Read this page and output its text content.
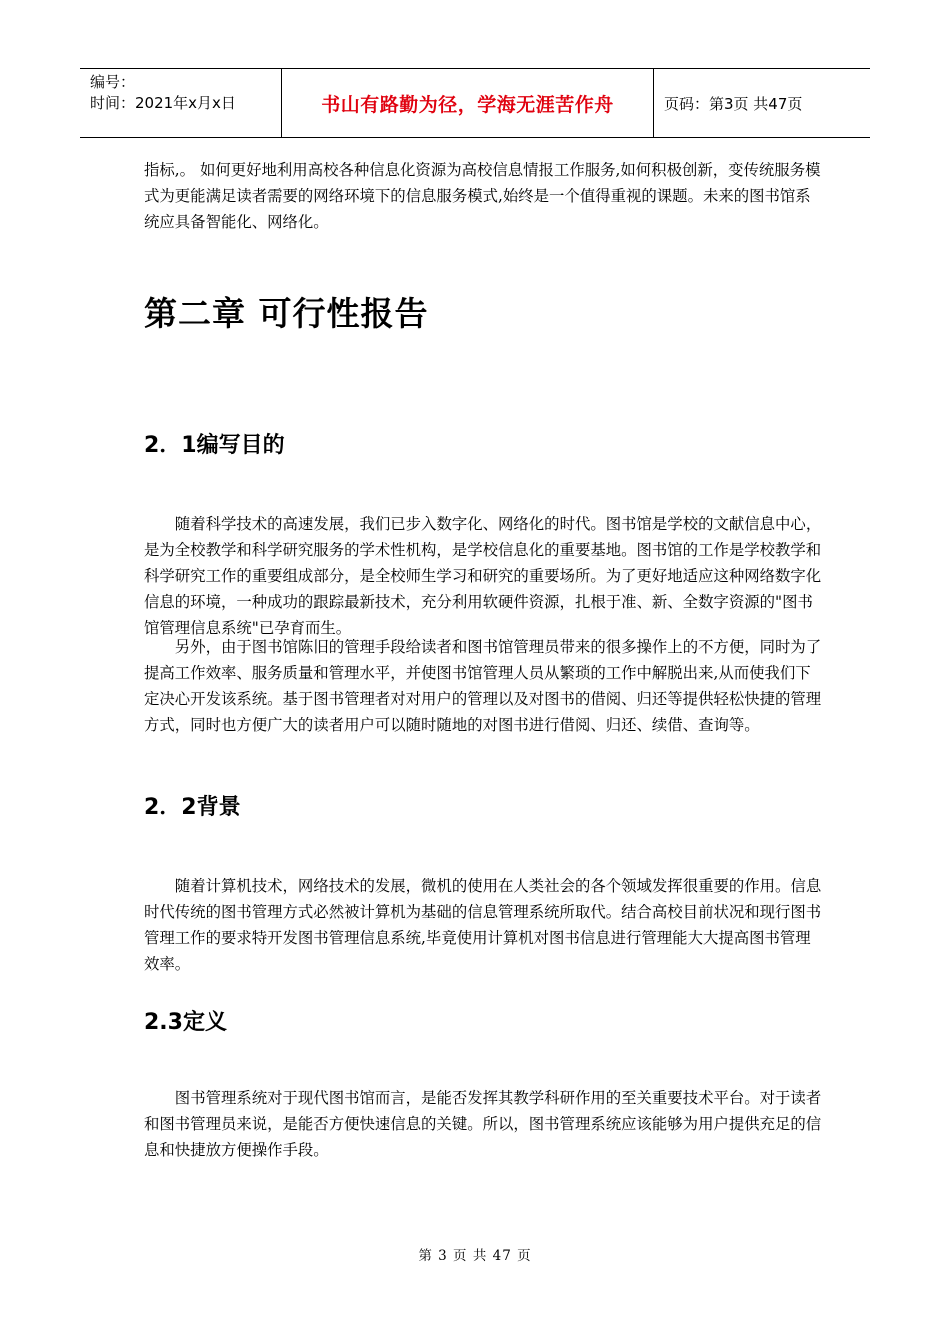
编号：
时间：2021年x月x日	书山有路勤为径，学海无涯苦作舟	页码：第3页 共47页

指标,。 如何更好地利用高校各种信息化资源为高校信息情报工作服务,如何积极创新，变传统服务模式为更能满足读者需要的网络环境下的信息服务模式,始终是一个值得重视的课题。未来的图书馆系统应具备智能化、网络化。

第二章 可行性报告
2．1编写目的

随着科学技术的高速发展，我们已步入数字化、网络化的时代。图书馆是学校的文献信息中心，是为全校教学和科学研究服务的学术性机构，是学校信息化的重要基地。图书馆的工作是学校教学和科学研究工作的重要组成部分，是全校师生学习和研究的重要场所。为了更好地适应这种网络数字化信息的环境，一种成功的跟踪最新技术，充分利用软硬件资源，扎根于准、新、全数字资源的"图书馆管理信息系统"已孕育而生。

另外，由于图书馆陈旧的管理手段给读者和图书馆管理员带来的很多操作上的不方便，同时为了提高工作效率、服务质量和管理水平，并使图书馆管理人员从繁琐的工作中解脱出来,从而使我们下定决心开发该系统。基于图书管理者对对用户的管理以及对图书的借阅、归还等提供轻松快捷的管理方式，同时也方便广大的读者用户可以随时随地的对图书进行借阅、归还、续借、查询等。

2．2背景

随着计算机技术，网络技术的发展，微机的使用在人类社会的各个领域发挥很重要的作用。信息时代传统的图书管理方式必然被计算机为基础的信息管理系统所取代。结合高校目前状况和现行图书管理工作的要求特开发图书管理信息系统,毕竟使用计算机对图书信息进行管理能大大提高图书管理效率。

2.3定义

图书管理系统对于现代图书馆而言，是能否发挥其教学科研作用的至关重要技术平台。对于读者和图书管理员来说，是能否方便快速信息的关键。所以，图书管理系统应该能够为用户提供充足的信息和快捷放方便操作手段。

第 3 页 共 47 页
